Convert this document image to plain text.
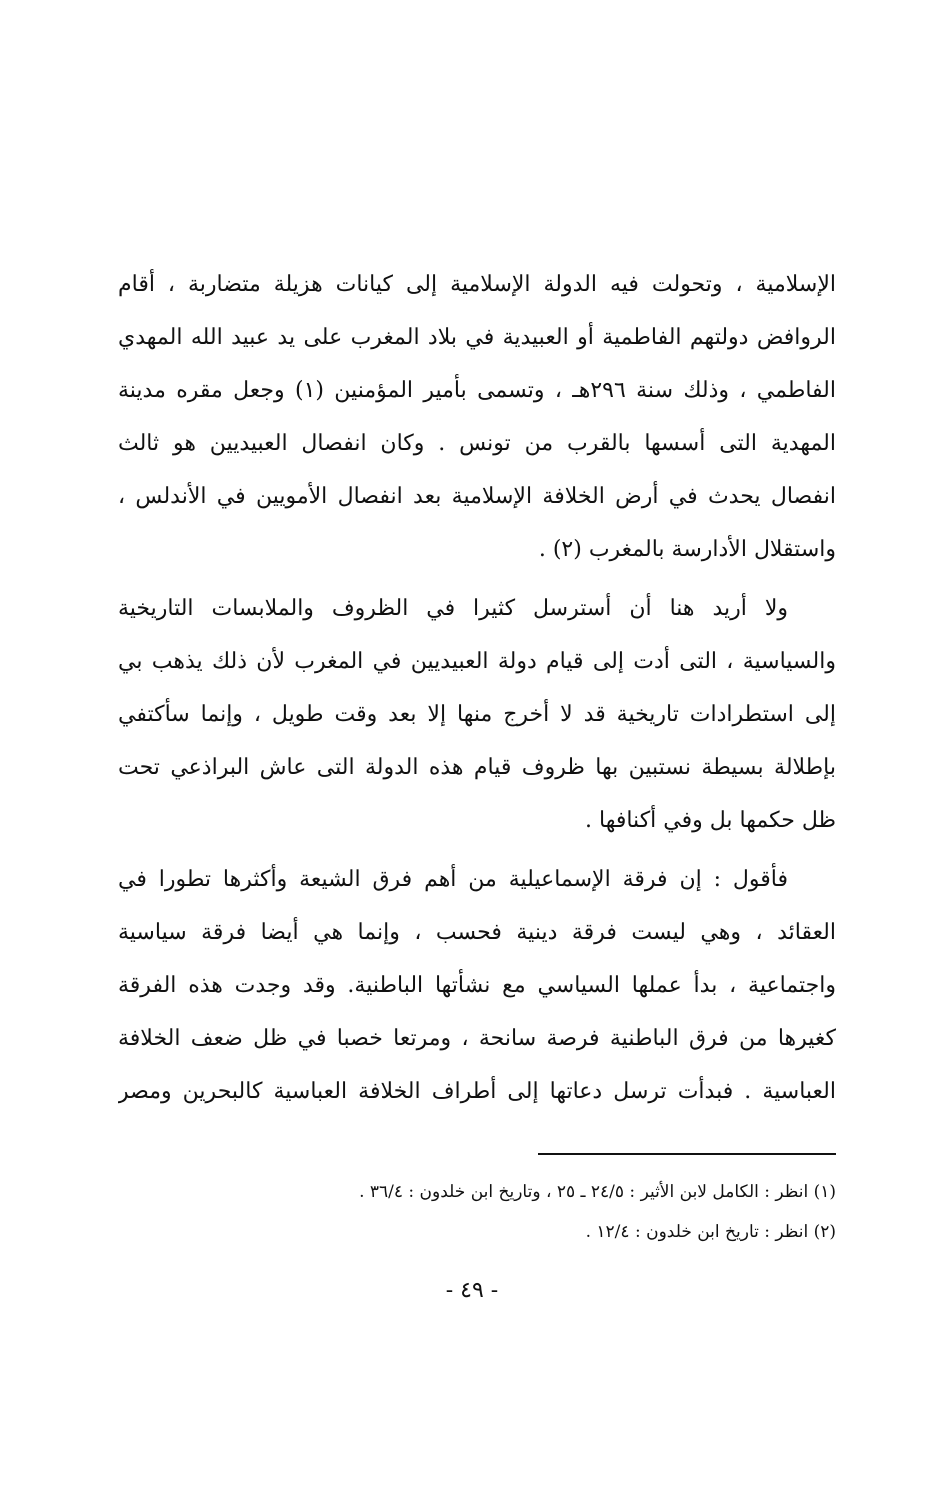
الإسلامية ، وتحولت فيه الدولة الإسلامية إلى كيانات هزيلة متضاربة ، أقام
الروافض دولتهم الفاطمية أو العبيدية في بلاد المغرب على يد عبيد الله المهدي
الفاطمي ، وذلك سنة ٢٩٦هـ ، وتسمى بأمير المؤمنين (١) وجعل مقره مدينة
المهدية التى أسسها بالقرب من تونس . وكان انفصال العبيديين هو ثالث
انفصال يحدث في أرض الخلافة الإسلامية بعد انفصال الأمويين في الأندلس ،
واستقلال الأدارسة بالمغرب (٢) .
ولا أريد هنا أن أسترسل كثيرا في الظروف والملابسات التاريخية
والسياسية ، التى أدت إلى قيام دولة العبيديين في المغرب لأن ذلك يذهب بي
إلى استطرادات تاريخية قد لا أخرج منها إلا بعد وقت طويل ، وإنما سأكتفي
بإطلالة بسيطة نستبين بها ظروف قيام هذه الدولة التى عاش البراذعي تحت
ظل حكمها بل وفي أكنافها .
فأقول : إن فرقة الإسماعيلية من أهم فرق الشيعة وأكثرها تطورا في
العقائد ، وهي ليست فرقة دينية فحسب ، وإنما هي أيضا فرقة سياسية
واجتماعية ، بدأ عملها السياسي مع نشأتها الباطنية. وقد وجدت هذه الفرقة
كغيرها من فرق الباطنية فرصة سانحة ، ومرتعا خصبا في ظل ضعف الخلافة
العباسية . فبدأت ترسل دعاتها إلى أطراف الخلافة العباسية كالبحرين ومصر
(١) انظر : الكامل لابن الأثير : ٢٤/٥ ـ ٢٥ ، وتاريخ ابن خلدون : ٣٦/٤ .
(٢) انظر : تاريخ ابن خلدون : ١٢/٤ .
- ٤٩ -
